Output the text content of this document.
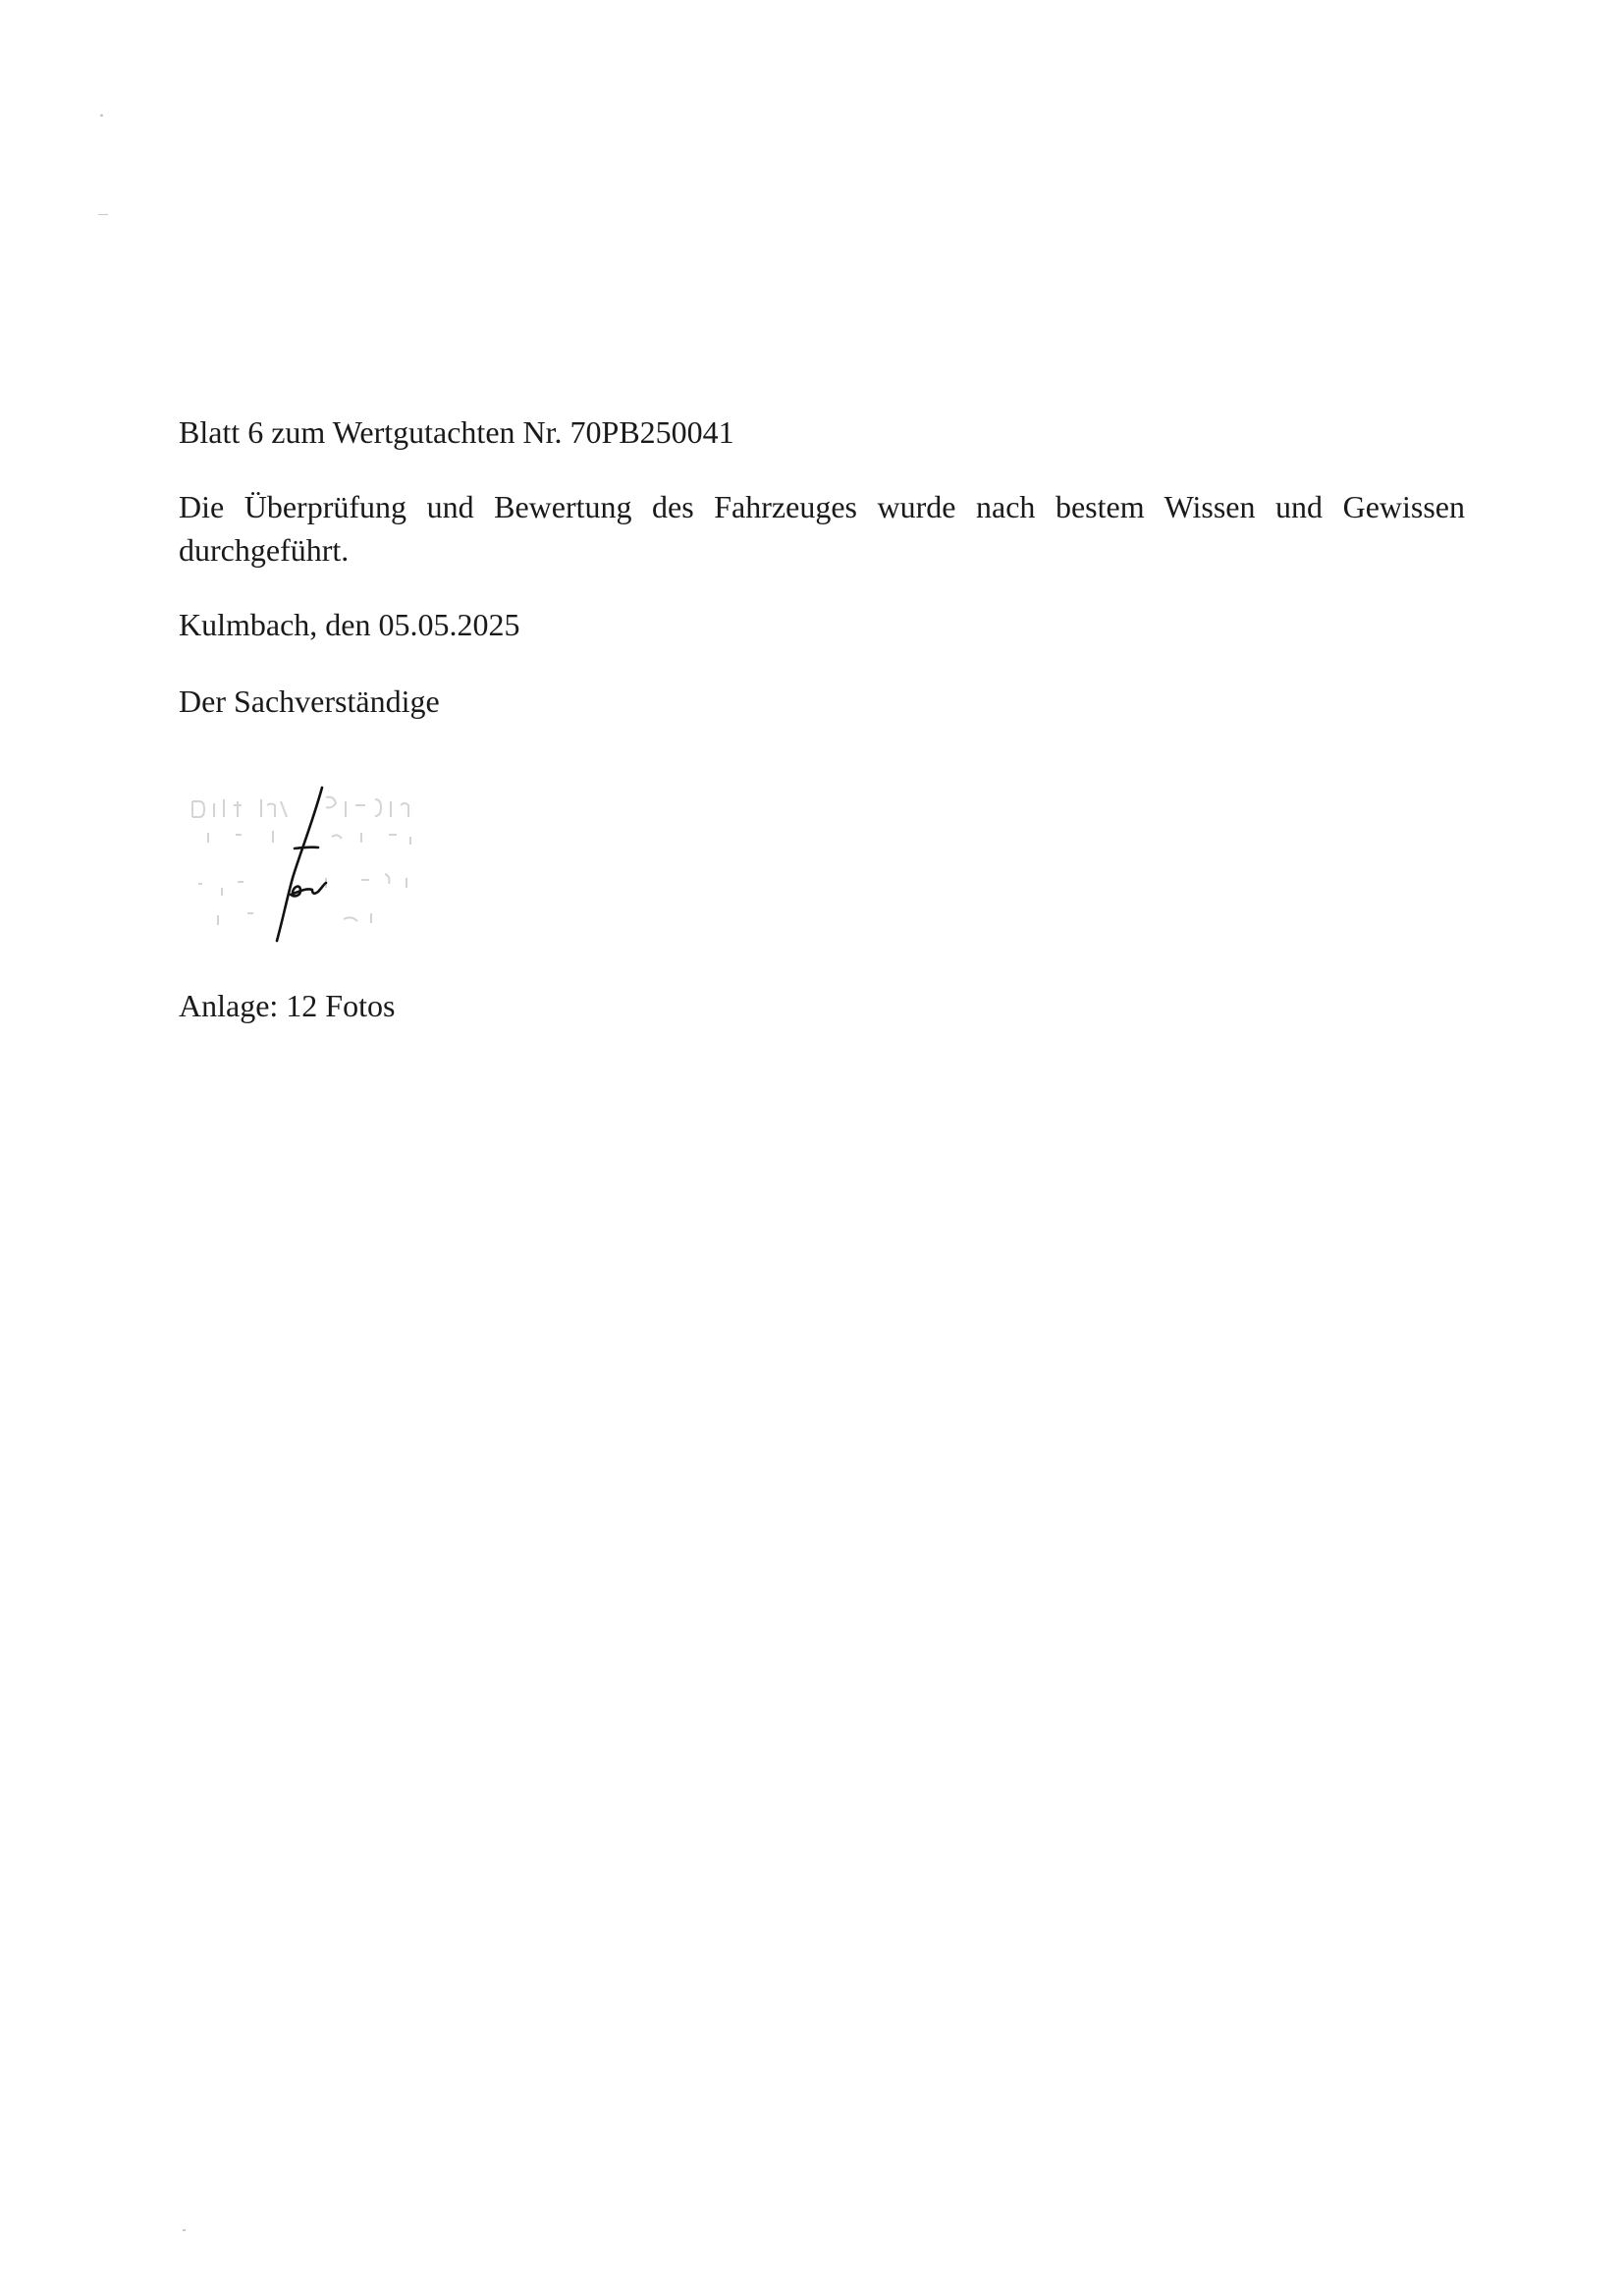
Blatt 6 zum Wertgutachten Nr. 70PB250041
Die Überprüfung und Bewertung des Fahrzeuges wurde nach bestem Wissen und Gewissen durchgeführt.
Kulmbach, den 05.05.2025
Der Sachverständige
Anlage: 12 Fotos
